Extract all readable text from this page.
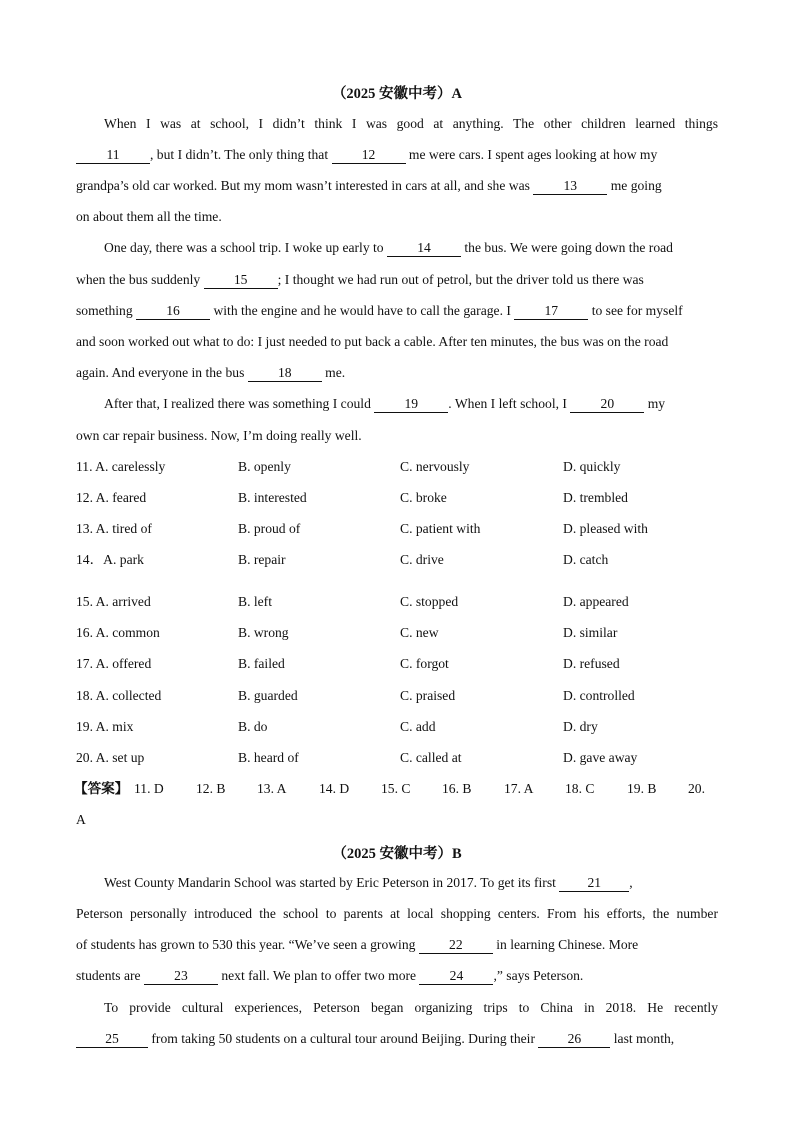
（2025 安徽中考）A
When I was at school, I didn’t think I was good at anything. The other children learned things
11 , but I didn’t. The only thing that 12 me were cars. I spent ages looking at how my
grandpa’s old car worked. But my mom wasn’t interested in cars at all, and she was 13 me going
on about them all the time.
One day, there was a school trip. I woke up early to 14 the bus. We were going down the road
when the bus suddenly 15 ; I thought we had run out of petrol, but the driver told us there was
something 16 with the engine and he would have to call the garage. I 17 to see for myself
and soon worked out what to do: I just needed to put back a cable. After ten minutes, the bus was on the road
again. And everyone in the bus 18 me.
After that, I realized there was something I could 19 . When I left school, I 20 my
own car repair business. Now, I’m doing really well.
11. A. carelessly	B. openly	C. nervously	D. quickly
12. A. feared	B. interested	C. broke	D. trembled
13. A. tired of	B. proud of	C. patient with	D. pleased with
14．A. park	B. repair	C. drive	D. catch
15. A. arrived	B. left	C. stopped	D. appeared
16. A. common	B. wrong	C. new	D. similar
17. A. offered	B. failed	C. forgot	D. refused
18. A. collected	B. guarded	C. praised	D. controlled
19. A. mix	B. do	C. add	D. dry
20. A. set up	B. heard of	C. called at	D. gave away
【答案】 11. D 12. B 13. A 14. D 15. C 16. B 17. A 18. C 19. B 20.
A
（2025 安徽中考）B
West County Mandarin School was started by Eric Peterson in 2017. To get its first 21 ,
Peterson personally introduced the school to parents at local shopping centers. From his efforts, the number
of students has grown to 530 this year. “We’ve seen a growing 22 in learning Chinese. More
students are 23 next fall. We plan to offer two more 24 ,” says Peterson.
To provide cultural experiences, Peterson began organizing trips to China in 2018. He recently
25 from taking 50 students on a cultural tour around Beijing. During their 26 last month,
